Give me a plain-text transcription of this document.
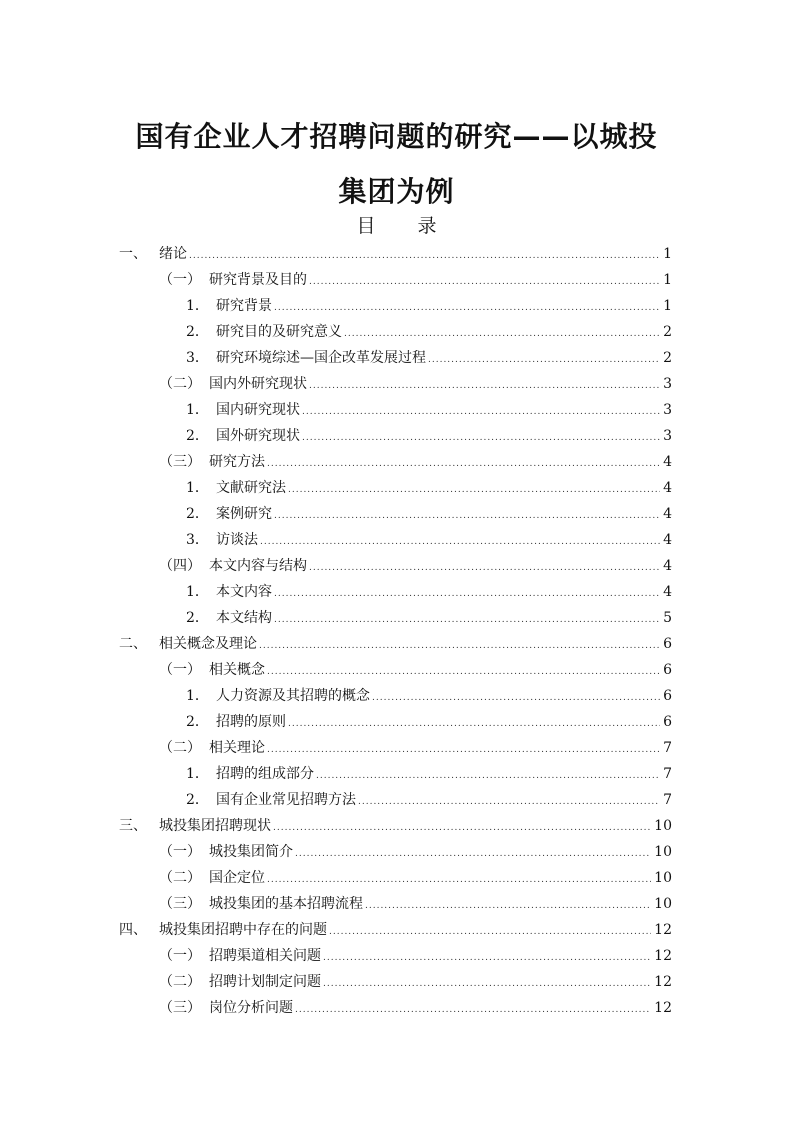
国有企业人才招聘问题的研究——以城投
集团为例
目 录
一、 绪论 .....	1
（一） 研究背景及目的 .....	1
1． 研究背景 .....	1
2． 研究目的及研究意义 .....	2
3． 研究环境综述—国企改革发展过程 .....	2
（二） 国内外研究现状 .....	3
1． 国内研究现状 .....	3
2． 国外研究现状 .....	3
（三） 研究方法 .....	4
1． 文献研究法 .....	4
2． 案例研究 .....	4
3． 访谈法 .....	4
（四） 本文内容与结构 .....	4
1． 本文内容 .....	4
2． 本文结构 .....	5
二、 相关概念及理论 .....	6
（一） 相关概念 .....	6
1． 人力资源及其招聘的概念 .....	6
2． 招聘的原则 .....	6
（二） 相关理论 .....	7
1． 招聘的组成部分 .....	7
2． 国有企业常见招聘方法 .....	7
三、 城投集团招聘现状 .....	10
（一） 城投集团简介 .....	10
（二） 国企定位 .....	10
（三） 城投集团的基本招聘流程 .....	10
四、 城投集团招聘中存在的问题 .....	12
（一） 招聘渠道相关问题 .....	12
（二） 招聘计划制定问题 .....	12
（三） 岗位分析问题 .....	12
